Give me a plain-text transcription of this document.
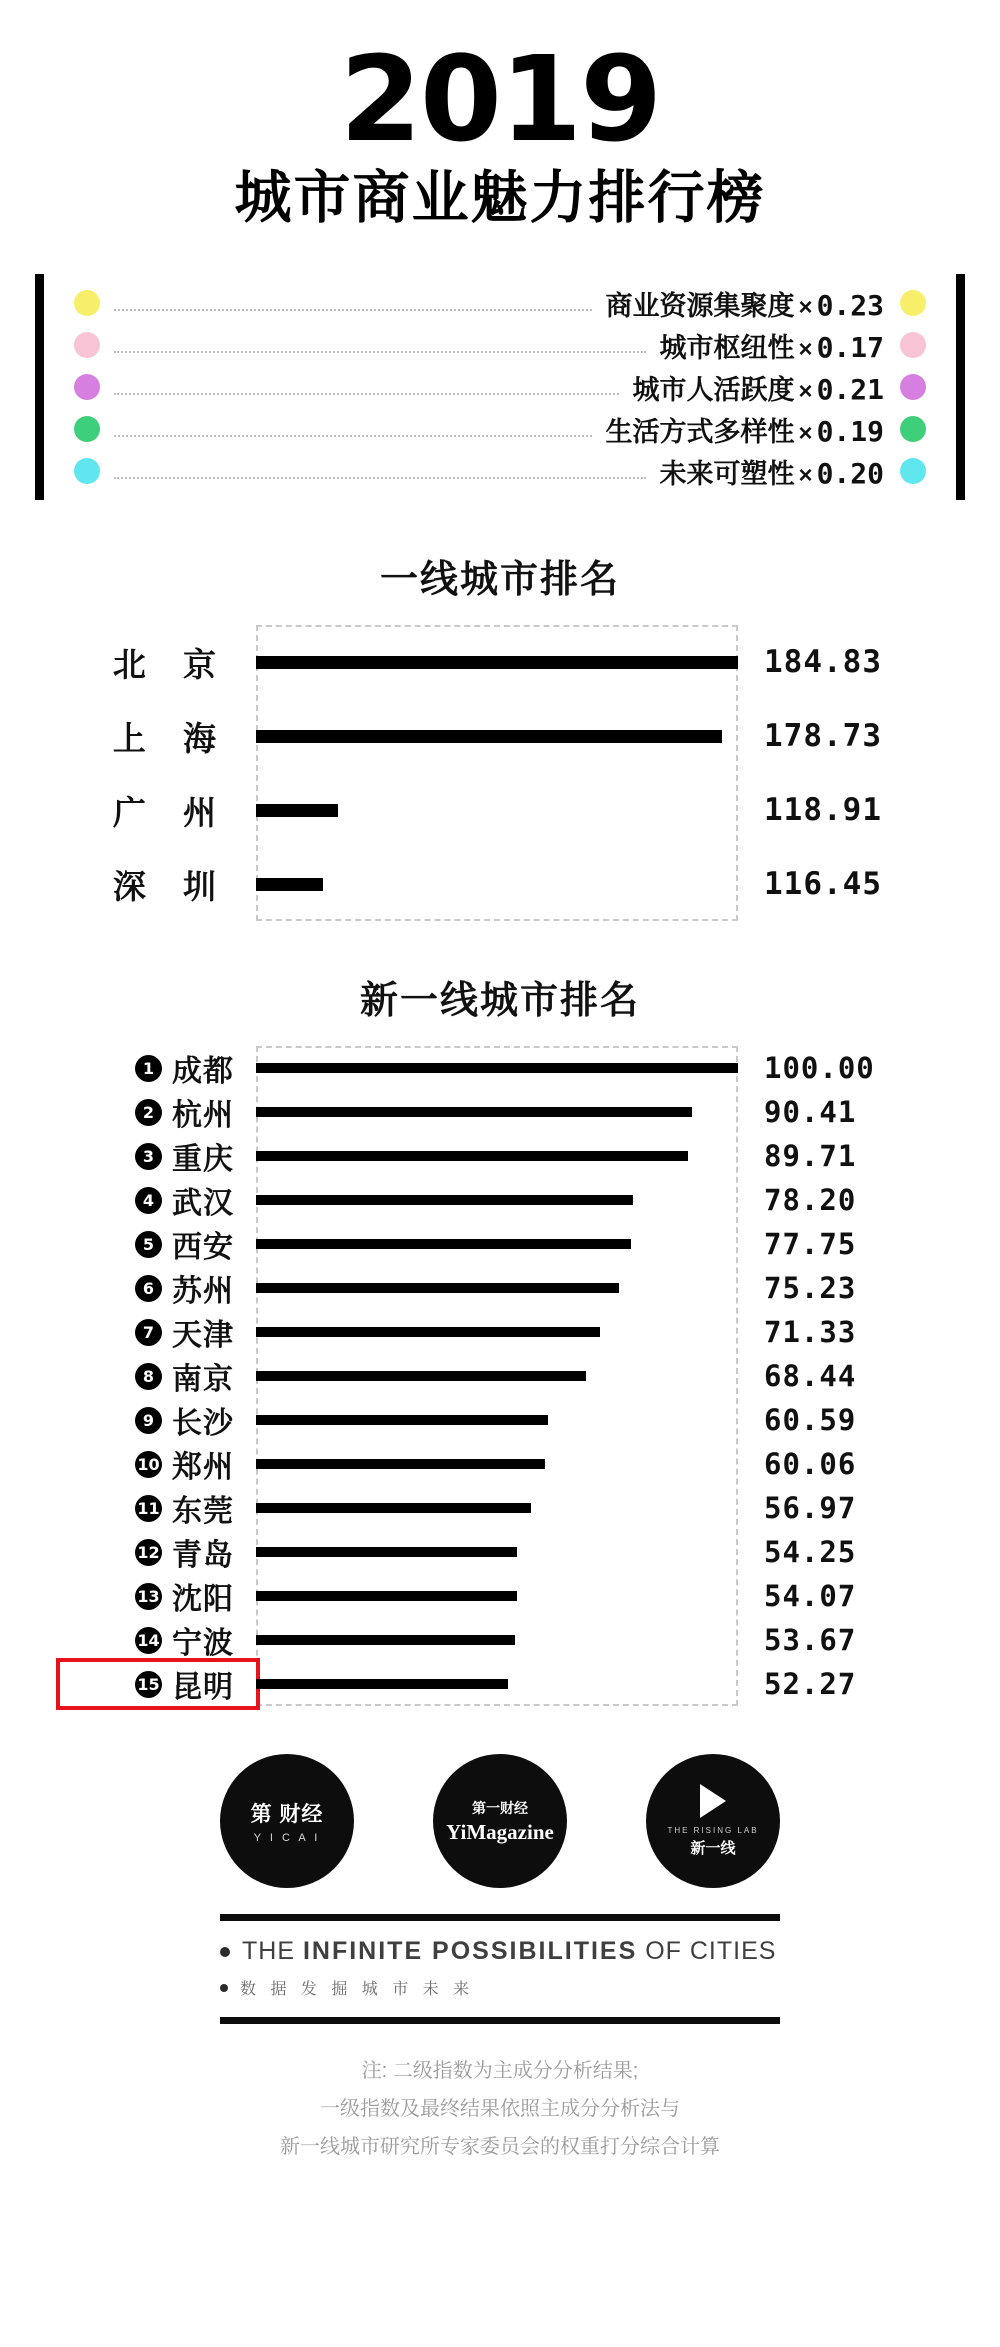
2019
城市商业魅力排行榜
商业资源集聚度 × 0.23
城市枢纽性 × 0.17
城市人活跃度 × 0.21
生活方式多样性 × 0.19
未来可塑性 × 0.20
一线城市排名
北 京	184.83
上 海	178.73
广 州	118.91
深 圳	116.45
新一线城市排名
1 成都	100.00
2 杭州	90.41
3 重庆	89.71
4 武汉	78.20
5 西安	77.75
6 苏州	75.23
7 天津	71.33
8 南京	68.44
9 长沙	60.59
10 郑州	60.06
11 东莞	56.97
12 青岛	54.25
13 沈阳	54.07
14 宁波	53.67
15 昆明	52.27
第 财经
Y I C A I
第一财经
YiMagazine	THE RISING LAB
新一线
THE INFINITE POSSIBILITIES OF CITIES
数 据 发 掘 城 市 未 来
注: 二级指数为主成分分析结果;
一级指数及最终结果依照主成分分析法与
新一线城市研究所专家委员会的权重打分综合计算
